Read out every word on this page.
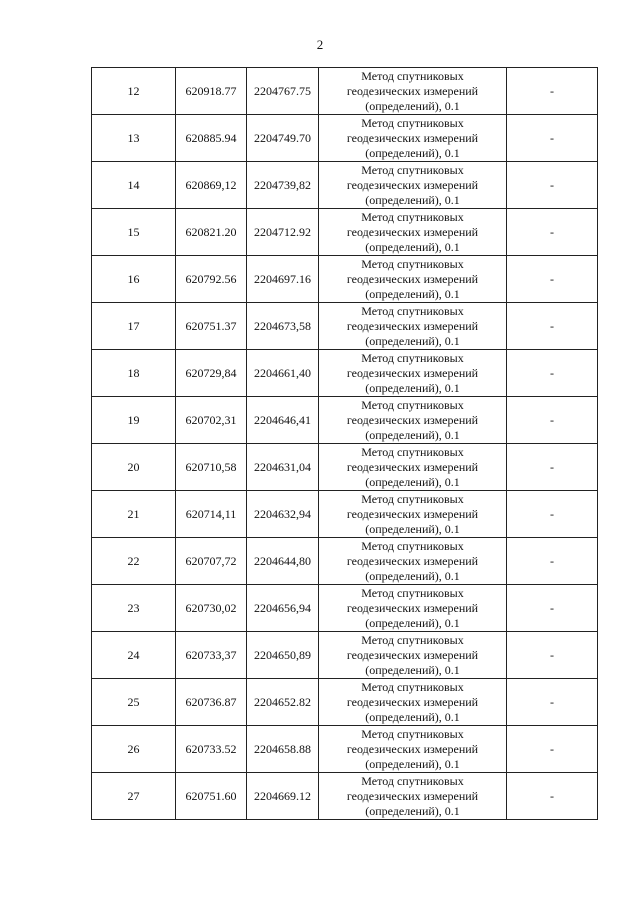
2
12	620918.77	2204767.75	Метод спутниковых
геодезических измерений
(определений), 0.1	-
13	620885.94	2204749.70	Метод спутниковых
геодезических измерений
(определений), 0.1	-
14	620869,12	2204739,82	Метод спутниковых
геодезических измерений
(определений), 0.1	-
15	620821.20	2204712.92	Метод спутниковых
геодезических измерений
(определений), 0.1	-
16	620792.56	2204697.16	Метод спутниковых
геодезических измерений
(определений), 0.1	-
17	620751.37	2204673,58	Метод спутниковых
геодезических измерений
(определений), 0.1	-
18	620729,84	2204661,40	Метод спутниковых
геодезических измерений
(определений), 0.1	-
19	620702,31	2204646,41	Метод спутниковых
геодезических измерений
(определений), 0.1	-
20	620710,58	2204631,04	Метод спутниковых
геодезических измерений
(определений), 0.1	-
21	620714,11	2204632,94	Метод спутниковых
геодезических измерений
(определений), 0.1	-
22	620707,72	2204644,80	Метод спутниковых
геодезических измерений
(определений), 0.1	-
23	620730,02	2204656,94	Метод спутниковых
геодезических измерений
(определений), 0.1	-
24	620733,37	2204650,89	Метод спутниковых
геодезических измерений
(определений), 0.1	-
25	620736.87	2204652.82	Метод спутниковых
геодезических измерений
(определений), 0.1	-
26	620733.52	2204658.88	Метод спутниковых
геодезических измерений
(определений), 0.1	-
27	620751.60	2204669.12	Метод спутниковых
геодезических измерений
(определений), 0.1	-
